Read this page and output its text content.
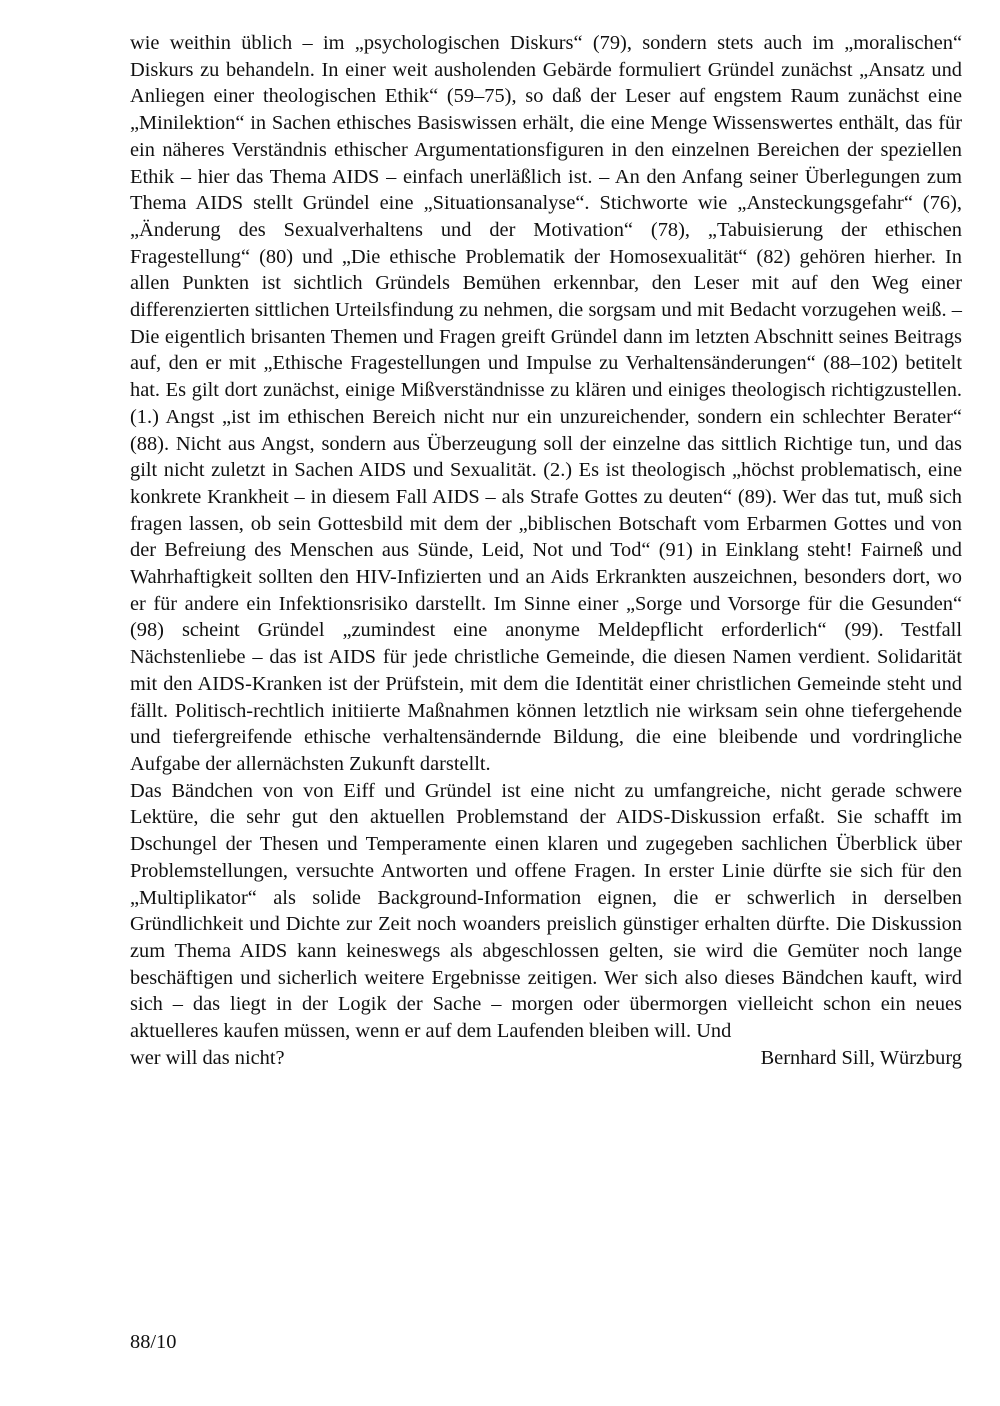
wie weithin üblich – im „psychologischen Diskurs“ (79), sondern stets auch im „moralischen“ Diskurs zu behandeln. In einer weit ausholenden Gebärde formuliert Gründel zunächst „Ansatz und Anliegen einer theologischen Ethik“ (59–75), so daß der Leser auf engstem Raum zunächst eine „Minilektion“ in Sachen ethisches Basiswissen erhält, die eine Menge Wissenswertes enthält, das für ein näheres Verständnis ethischer Argumentationsfiguren in den einzelnen Bereichen der speziellen Ethik – hier das Thema AIDS – einfach unerläßlich ist. – An den Anfang seiner Überlegungen zum Thema AIDS stellt Gründel eine „Situationsanalyse“. Stichworte wie „Ansteckungsgefahr“ (76), „Änderung des Sexualverhaltens und der Motivation“ (78), „Tabuisierung der ethischen Fragestellung“ (80) und „Die ethische Problematik der Homosexualität“ (82) gehören hierher. In allen Punkten ist sichtlich Gründels Bemühen erkennbar, den Leser mit auf den Weg einer differenzierten sittlichen Urteilsfindung zu nehmen, die sorgsam und mit Bedacht vorzugehen weiß. – Die eigentlich brisanten Themen und Fragen greift Gründel dann im letzten Abschnitt seines Beitrags auf, den er mit „Ethische Fragestellungen und Impulse zu Verhaltensänderungen“ (88–102) betitelt hat. Es gilt dort zunächst, einige Mißverständnisse zu klären und einiges theologisch richtigzustellen. (1.) Angst „ist im ethischen Bereich nicht nur ein unzureichender, sondern ein schlechter Berater“ (88). Nicht aus Angst, sondern aus Überzeugung soll der einzelne das sittlich Richtige tun, und das gilt nicht zuletzt in Sachen AIDS und Sexualität. (2.) Es ist theologisch „höchst problematisch, eine konkrete Krankheit – in diesem Fall AIDS – als Strafe Gottes zu deuten“ (89). Wer das tut, muß sich fragen lassen, ob sein Gottesbild mit dem der „biblischen Botschaft vom Erbarmen Gottes und von der Befreiung des Menschen aus Sünde, Leid, Not und Tod“ (91) in Einklang steht! Fairneß und Wahrhaftigkeit sollten den HIV-Infizierten und an Aids Erkrankten auszeichnen, besonders dort, wo er für andere ein Infektionsrisiko darstellt. Im Sinne einer „Sorge und Vorsorge für die Gesunden“ (98) scheint Gründel „zumindest eine anonyme Meldepflicht erforderlich“ (99). Testfall Nächstenliebe – das ist AIDS für jede christliche Gemeinde, die diesen Namen verdient. Solidarität mit den AIDS-Kranken ist der Prüfstein, mit dem die Identität einer christlichen Gemeinde steht und fällt. Politisch-rechtlich initiierte Maßnahmen können letztlich nie wirksam sein ohne tiefergehende und tiefergreifende ethische verhaltensändernde Bildung, die eine bleibende und vordringliche Aufgabe der allernächsten Zukunft darstellt.

Das Bändchen von von Eiff und Gründel ist eine nicht zu umfangreiche, nicht gerade schwere Lektüre, die sehr gut den aktuellen Problemstand der AIDS-Diskussion erfaßt. Sie schafft im Dschungel der Thesen und Temperamente einen klaren und zugegeben sachlichen Überblick über Problemstellungen, versuchte Antworten und offene Fragen. In erster Linie dürfte sie sich für den „Multiplikator“ als solide Background-Information eignen, die er schwerlich in derselben Gründlichkeit und Dichte zur Zeit noch woanders preislich günstiger erhalten dürfte. Die Diskussion zum Thema AIDS kann keineswegs als abgeschlossen gelten, sie wird die Gemüter noch lange beschäftigen und sicherlich weitere Ergebnisse zeitigen. Wer sich also dieses Bändchen kauft, wird sich – das liegt in der Logik der Sache – morgen oder übermorgen vielleicht schon ein neues aktuelleres kaufen müssen, wenn er auf dem Laufenden bleiben will. Und

wer will das nicht?	Bernhard Sill, Würzburg
88/10
